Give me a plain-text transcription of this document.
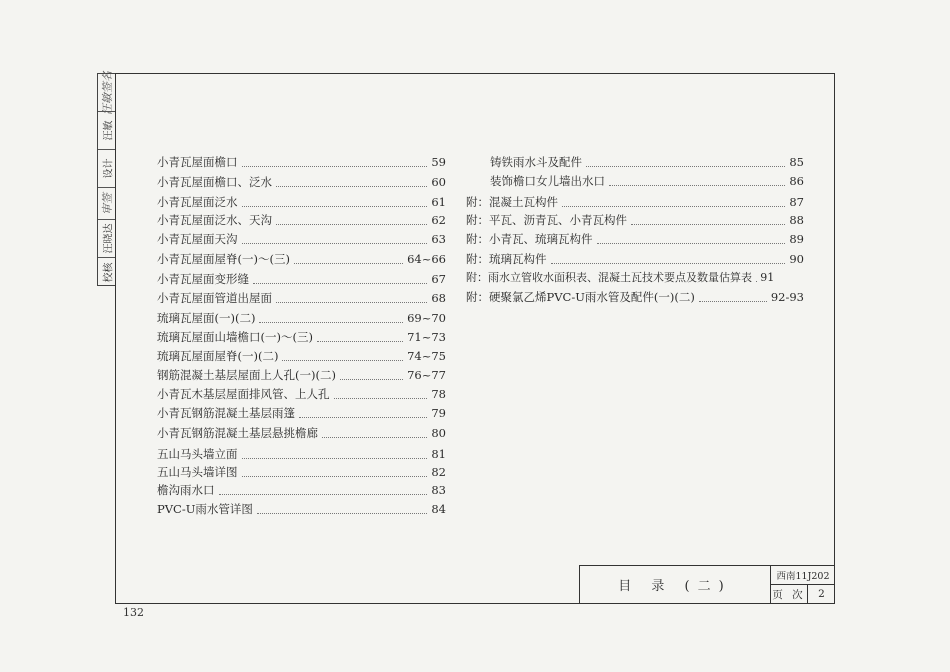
汪敏签名
汪敏
设计
审签
汪晓达
校核
小青瓦屋面檐口	59
小青瓦屋面檐口、泛水	60
小青瓦屋面泛水	61
小青瓦屋面泛水、天沟	62
小青瓦屋面天沟	63
小青瓦屋面屋脊(一)～(三)	64~66
小青瓦屋面变形缝	67
小青瓦屋面管道出屋面	68
琉璃瓦屋面(一)(二)	69~70
琉璃瓦屋面山墙檐口(一)～(三)	71~73
琉璃瓦屋面屋脊(一)(二)	74~75
钢筋混凝土基层屋面上人孔(一)(二)	76~77
小青瓦木基层屋面排风管、上人孔	78
小青瓦钢筋混凝土基层雨篷	79
小青瓦钢筋混凝土基层悬挑檐廊	80
五山马头墙立面	81
五山马头墙详图	82
檐沟雨水口	83
PVC-U雨水管详图	84
铸铁雨水斗及配件	85
装饰檐口女儿墙出水口	86
附： 混凝土瓦构件	87
附： 平瓦、沥青瓦、小青瓦构件	88
附： 小青瓦、琉璃瓦构件	89
附： 琉璃瓦构件	90
附： 雨水立管收水面积表、混凝土瓦技术要点及数量估算表 91
附： 硬聚氯乙烯PVC-U雨水管及配件(一)(二)	92-93
目 录 (二)
西南11J202
页 次	2
132
